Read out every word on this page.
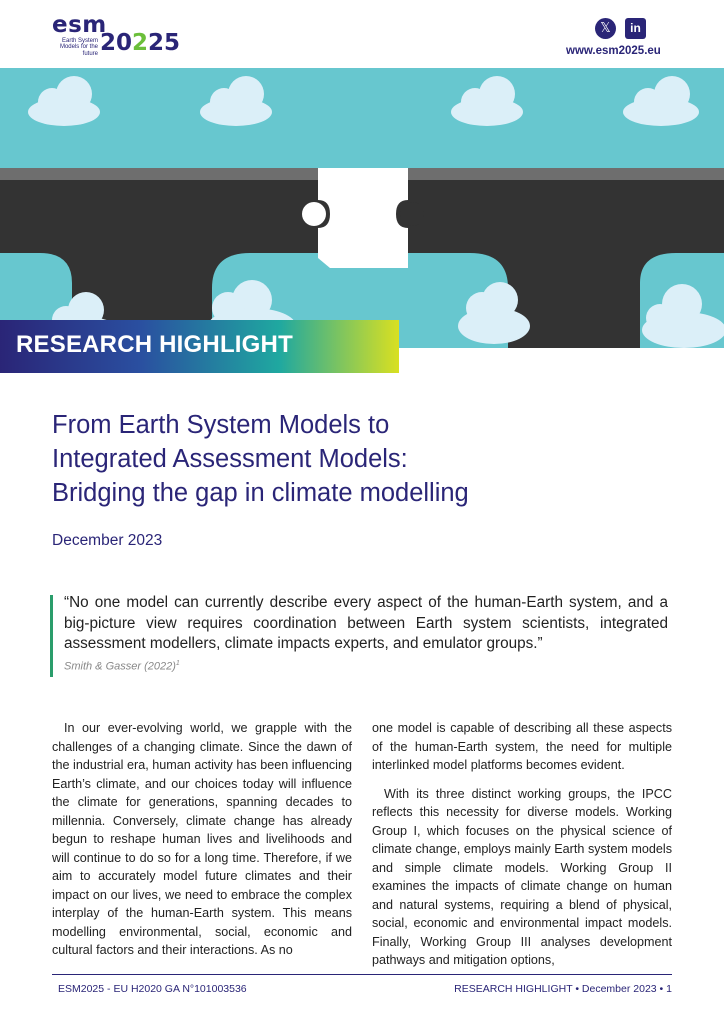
esm
Earth System Models for the future 20225
𝕏	in
www.esm2025.eu
RESEARCH HIGHLIGHT
From Earth System Models to
Integrated Assessment Models:
Bridging the gap in climate modelling
December 2023
“No one model can currently describe every aspect of the human-Earth system, and a big-picture view requires coordination between Earth system scientists, integrated assessment modellers, climate impacts experts, and emulator groups.”
Smith & Gasser $(2022)^1$

In our ever-evolving world, we grapple with the challenges of a changing climate. Since the dawn of the industrial era, human activity has been influencing Earth’s climate, and our choices today will influence the climate for generations, spanning decades to millennia. Conversely, climate change has already begun to reshape human lives and livelihoods and will continue to do so for a long time. Therefore, if we aim to accurately model future climates and their impact on our lives, we need to embrace the complex interplay of the human-Earth system. This means modelling environmental, social, economic and cultural factors and their interactions. As no

one model is capable of describing all these aspects of the human-Earth system, the need for multiple interlinked model platforms becomes evident.

With its three distinct working groups, the IPCC reflects this necessity for diverse models. Working Group I, which focuses on the physical science of climate change, employs mainly Earth system models and simple climate models. Working Group II examines the impacts of climate change on human and natural systems, requiring a blend of physical, social, economic and environmental impact models. Finally, Working Group III analyses development pathways and mitigation options,

ESM2025 - EU H2020 GA N°101003536	RESEARCH HIGHLIGHT • December 2023 • 1
